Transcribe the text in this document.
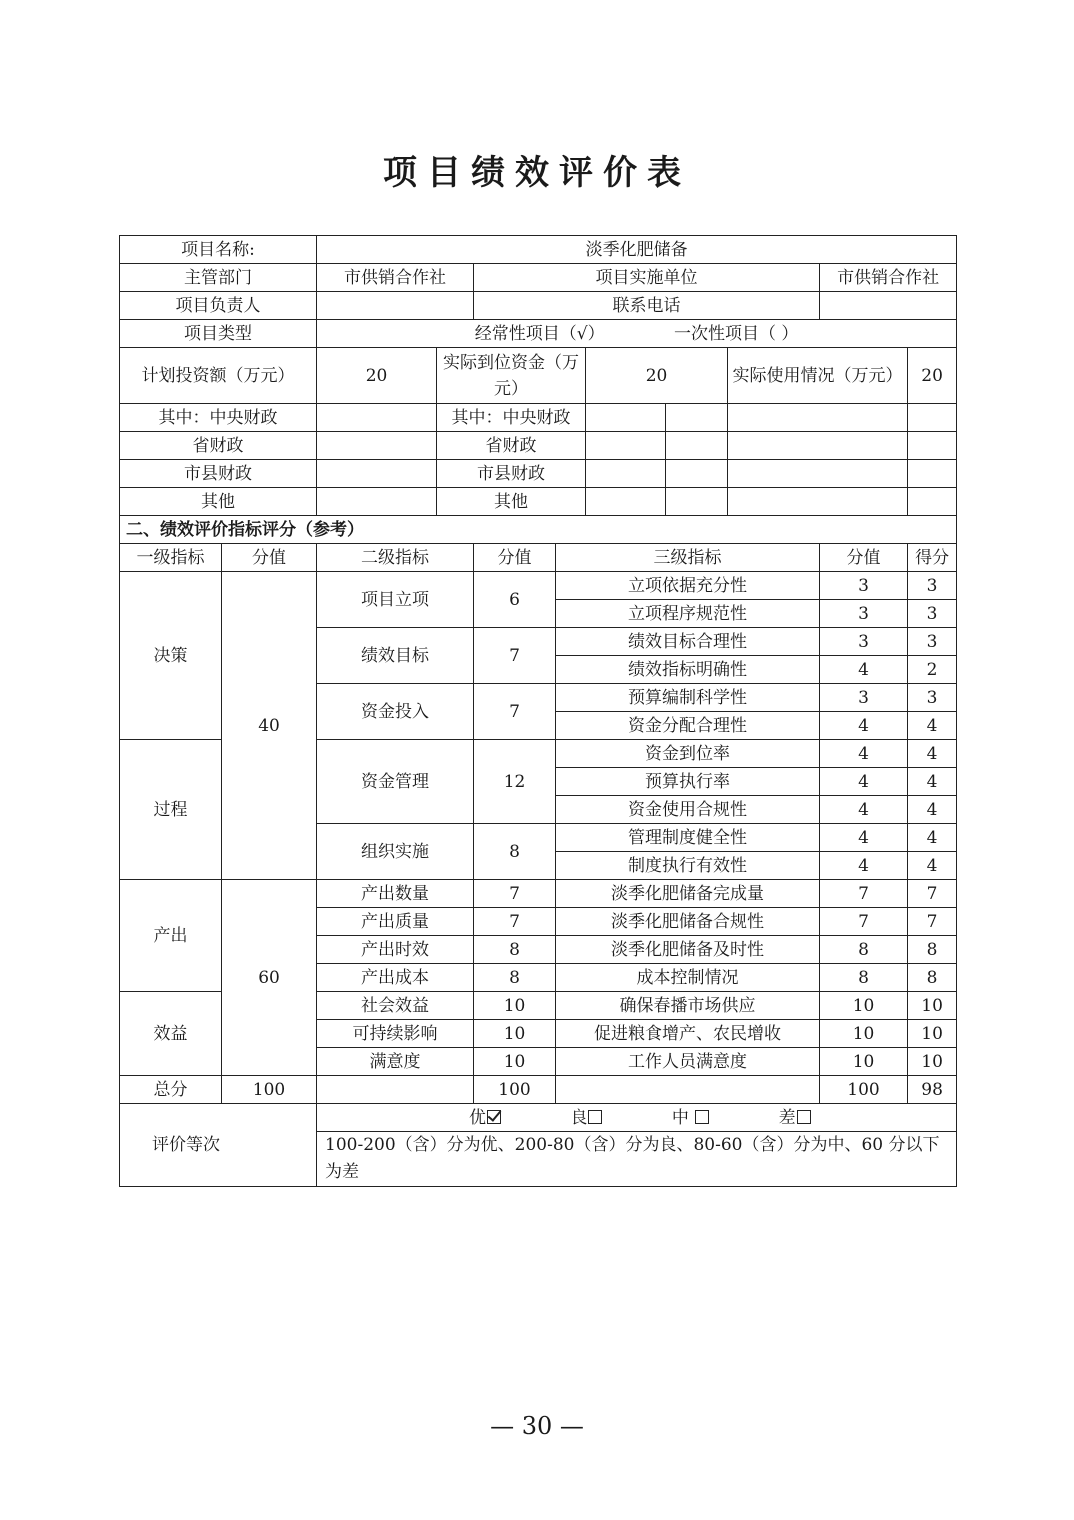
项目绩效评价表
项目名称:		淡季化肥储备								
主管部门		市供销合作社		项目实施单位					市供销合作社	
项目负责人				联系电话						
项目类型		经常性项目（√） 一次性项目（ ）								
计划投资额（万元）		20	实际到位资金（万元）			20		实际使用情况（万元）		20
其中：中央财政			其中：中央财政							
省财政			省财政							
市县财政			市县财政							
其他			其他							
二、绩效评价指标评分（参考）										
一级指标	分值	二级指标		分值	三级指标				分值	得分
决策	40	项目立项		6	立项依据充分性				3	3
					立项程序规范性				3	3
		绩效目标		7	绩效目标合理性				3	3
					绩效指标明确性				4	2
		资金投入		7	预算编制科学性				3	3
					资金分配合理性				4	4
过程		资金管理		12	资金到位率				4	4
					预算执行率				4	4
					资金使用合规性				4	4
		组织实施		8	管理制度健全性				4	4
					制度执行有效性				4	4
产出	60	产出数量		7	淡季化肥储备完成量				7	7
		产出质量		7	淡季化肥储备合规性				7	7
		产出时效		8	淡季化肥储备及时性				8	8
		产出成本		8	成本控制情况				8	8
效益		社会效益		10	确保春播市场供应				10	10
		可持续影响		10	促进粮食增产、农民增收				10	10
		满意度		10	工作人员满意度				10	10
总分	100			100					100	98
评价等次		优 良 中 差								
		100-200（含）分为优、200-80（含）分为良、80-60（含）分为中、60 分以下为差								
— 30 —
